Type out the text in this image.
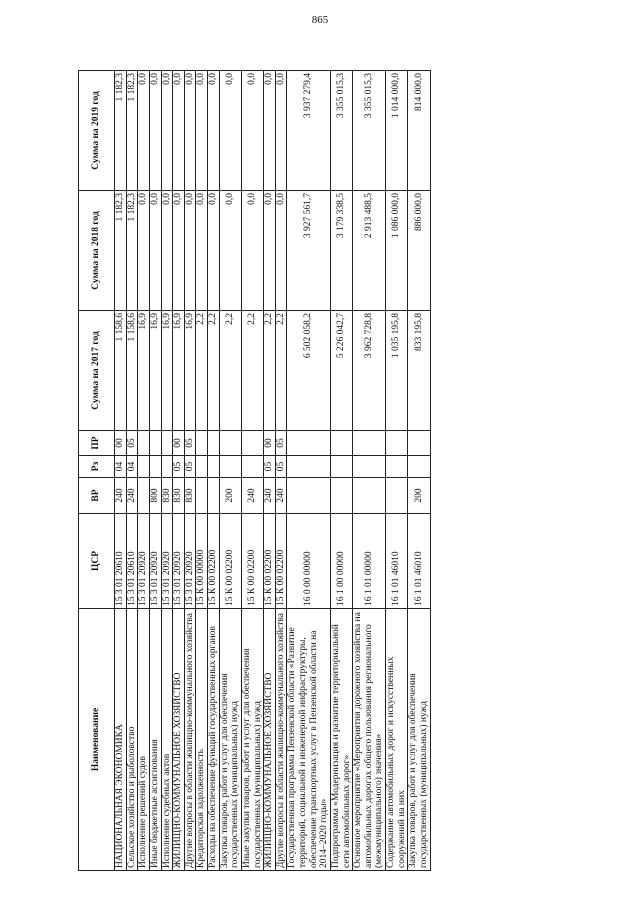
865
Наименование	ЦСР	ВР	Рз	ПР	Сумма на 2017 год	Сумма на 2018 год	Сумма на 2019 год
НАЦИОНАЛЬНАЯ ЭКОНОМИКА	15 3 01 20610	240	04	00	1 158,6	1 182,3	1 182,3
Сельское хозяйство и рыболовство	15 3 01 20610	240	04	05	1 158,6	1 182,3	1 182,3
Исполнение решений судов	15 3 01 20920				16,9	0,0	0,0
Иные бюджетные ассигнования	15 3 01 20920	800			16,9	0,0	0,0
Исполнение судебных актов	15 3 01 20920	830			16,9	0,0	0,0
ЖИЛИЩНО-КОММУНАЛЬНОЕ ХОЗЯЙСТВО	15 3 01 20920	830	05	00	16,9	0,0	0,0
Другие вопросы в области жилищно-коммунального хозяйства	15 3 01 20920	830	05	05	16,9	0,0	0,0
Кредиторская задолженность	15 К 00 00000				2,2	0,0	0,0
Расходы на обеспечение функций государственных органов	15 К 00 02200				2,2	0,0	0,0
Закупка товаров, работ и услуг для обеспечения государственных (муниципальных) нужд	15 К 00 02200	200			2,2	0,0	0,0
Иные закупки товаров, работ и услуг для обеспечения государственных (муниципальных) нужд	15 К 00 02200	240			2,2	0,0	0,0
ЖИЛИЩНО-КОММУНАЛЬНОЕ ХОЗЯЙСТВО	15 К 00 02200	240	05	00	2,2	0,0	0,0
Другие вопросы в области жилищно-коммунального хозяйства	15 К 00 02200	240	05	05	2,2	0,0	0,0
Государственная программа Пензенской области «Развитие территорий, социальной и инженерной инфраструктуры, обеспечение транспортных услуг в Пензенской области на 2014–2020 годы»	16 0 00 00000				6 502 058,2	3 927 561,7	3 937 279,4
Подпрограмма «Модернизация и развитие территориальной сети автомобильных дорог»	16 1 00 00000				5 226 042,7	3 179 338,5	3 355 015,3
Основное мероприятие «Мероприятия дорожного хозяйства на автомобильных дорогах общего пользования регионального (межмуниципального) значения»	16 1 01 00000				3 962 728,8	2 913 488,5	3 355 015,3
Содержание автомобильных дорог и искусственных сооружений на них	16 1 01 46010				1 035 195,8	1 086 000,0	1 014 000,0
Закупка товаров, работ и услуг для обеспечения государственных (муниципальных) нужд	16 1 01 46010	200			833 195,8	886 000,0	814 000,0
